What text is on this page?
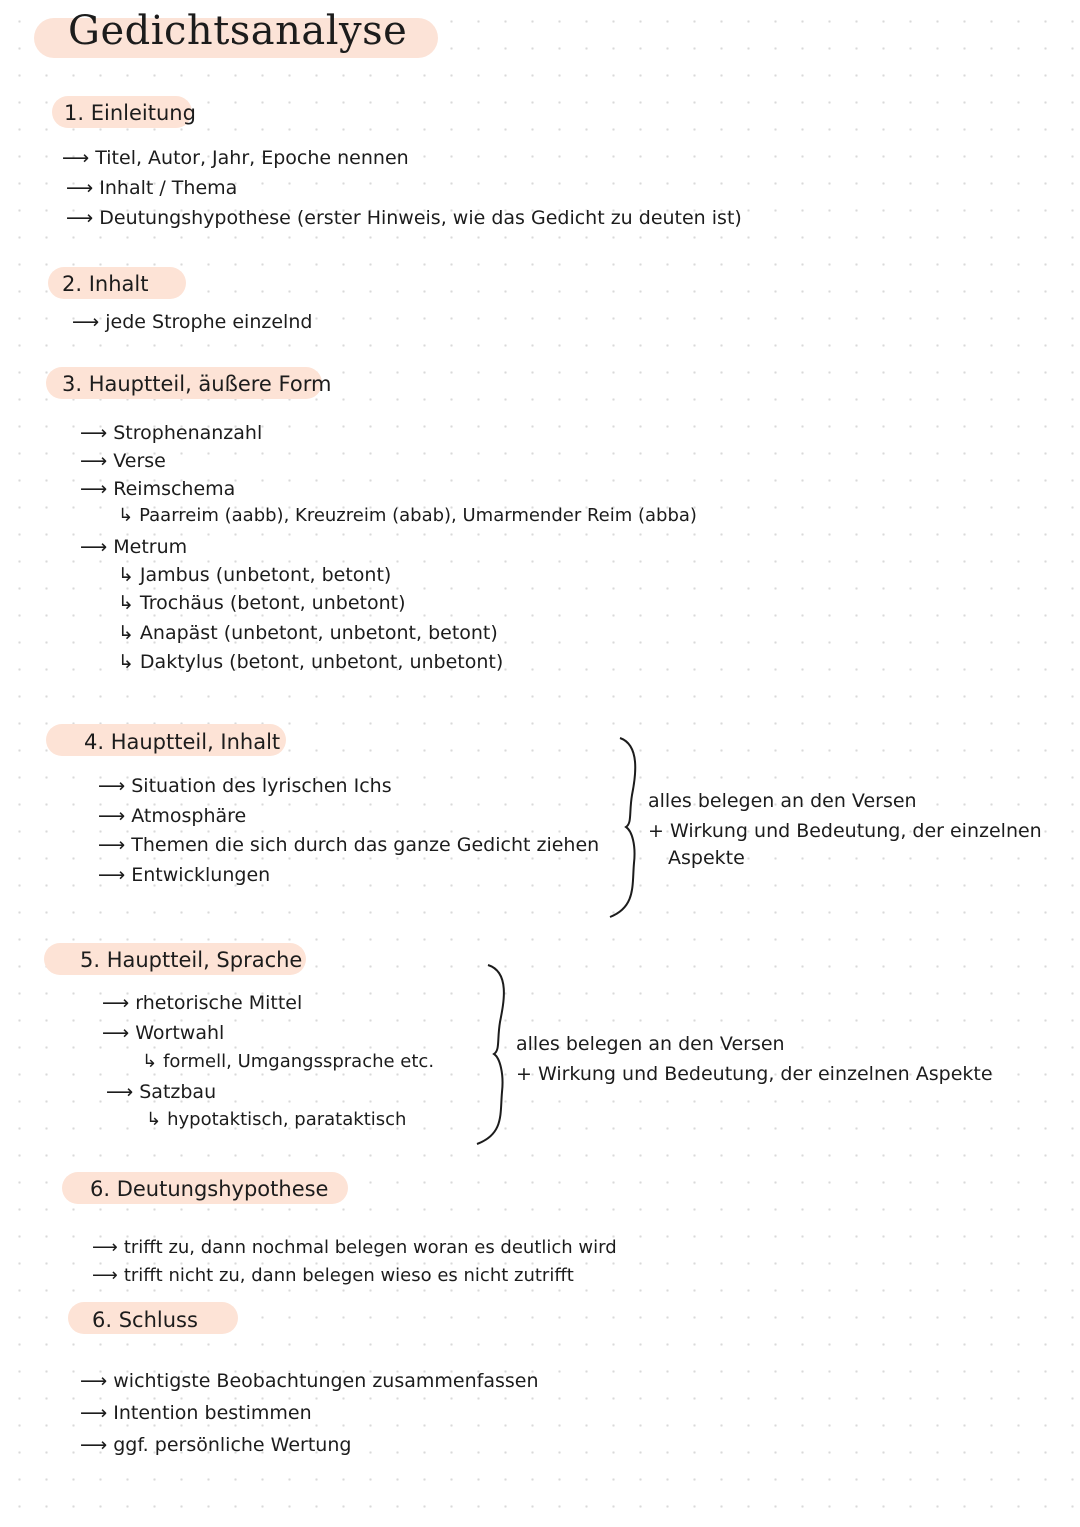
Gedichtsanalyse
1. Einleitung
⟶ Titel, Autor, Jahr, Epoche nennen
⟶ Inhalt / Thema
⟶ Deutungshypothese (erster Hinweis, wie das Gedicht zu deuten ist)
2. Inhalt
⟶ jede Strophe einzelnd
3. Hauptteil, äußere Form
⟶ Strophenanzahl
⟶ Verse
⟶ Reimschema
↳ Paarreim (aabb), Kreuzreim (abab), Umarmender Reim (abba)
⟶ Metrum
↳ Jambus (unbetont, betont)
↳ Trochäus (betont, unbetont)
↳ Anapäst (unbetont, unbetont, betont)
↳ Daktylus (betont, unbetont, unbetont)
4. Hauptteil, Inhalt
⟶ Situation des lyrischen Ichs
⟶ Atmosphäre
⟶ Themen die sich durch das ganze Gedicht ziehen
⟶ Entwicklungen
alles belegen an den Versen
+ Wirkung und Bedeutung, der einzelnen
Aspekte
5. Hauptteil, Sprache
⟶ rhetorische Mittel
⟶ Wortwahl
↳ formell, Umgangssprache etc.
⟶ Satzbau
↳ hypotaktisch, parataktisch
alles belegen an den Versen
+ Wirkung und Bedeutung, der einzelnen Aspekte
6. Deutungshypothese
⟶ trifft zu, dann nochmal belegen woran es deutlich wird
⟶ trifft nicht zu, dann belegen wieso es nicht zutrifft
6. Schluss
⟶ wichtigste Beobachtungen zusammenfassen
⟶ Intention bestimmen
⟶ ggf. persönliche Wertung
